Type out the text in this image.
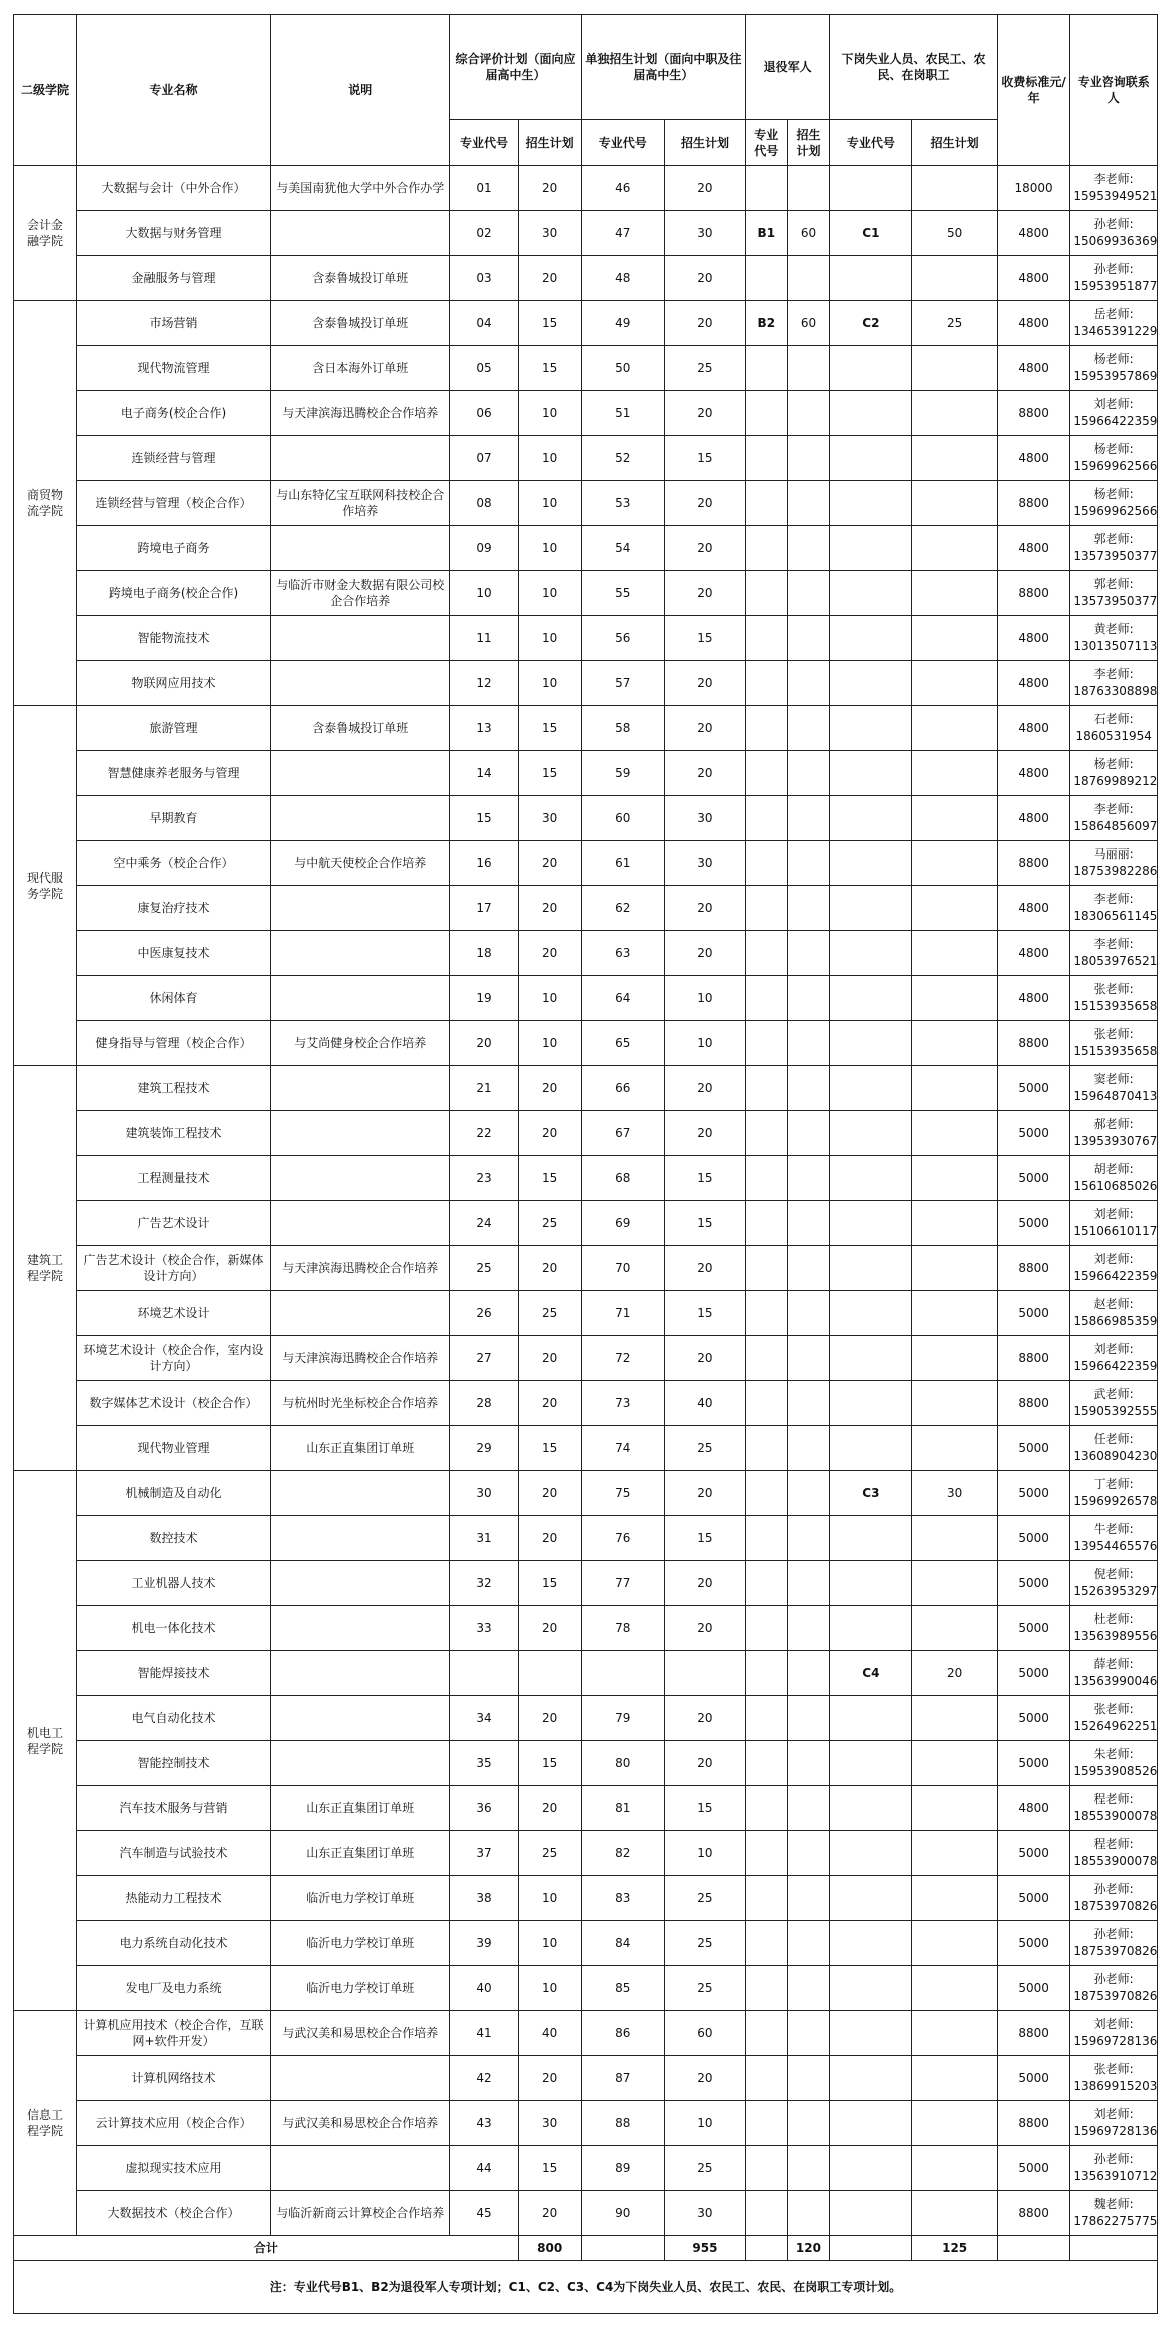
二级学院	专业名称	说明	综合评价计划（面向应届高中生）		单独招生计划（面向中职及往届高中生）		退役军人		下岗失业人员、农民工、农民、在岗职工		收费标准元/年	专业咨询联系人
			专业代号	招生计划	专业代号	招生计划	专业代号	招生计划	专业代号	招生计划		
会计金融学院	大数据与会计（中外合作）	与美国南犹他大学中外合作办学	01	20	46	20					18000	李老师:
15953949521

	大数据与财务管理		02	30	47	30	B1	60	C1	50	4800	孙老师:
15069936369

	金融服务与管理	含泰鲁城投订单班	03	20	48	20					4800	孙老师:
15953951877

商贸物流学院	市场营销	含泰鲁城投订单班	04	15	49	20	B2	60	C2	25	4800	岳老师:
13465391229

	现代物流管理	含日本海外订单班	05	15	50	25					4800	杨老师:
15953957869

	电子商务(校企合作)	与天津滨海迅腾校企合作培养	06	10	51	20					8800	刘老师:
15966422359

	连锁经营与管理		07	10	52	15					4800	杨老师:
15969962566

	连锁经营与管理（校企合作）	与山东特亿宝互联网科技校企合作培养	08	10	53	20					8800	杨老师:
15969962566

	跨境电子商务		09	10	54	20					4800	郭老师:
13573950377

	跨境电子商务(校企合作)	与临沂市财金大数据有限公司校企合作培养	10	10	55	20					8800	郭老师:
13573950377

	智能物流技术		11	10	56	15					4800	黄老师:
13013507113

	物联网应用技术		12	10	57	20					4800	李老师:
18763308898

现代服务学院	旅游管理	含泰鲁城投订单班	13	15	58	20					4800	石老师:
1860531954

	智慧健康养老服务与管理		14	15	59	20					4800	杨老师:
18769989212

	早期教育		15	30	60	30					4800	李老师:
15864856097

	空中乘务（校企合作）	与中航天使校企合作培养	16	20	61	30					8800	马丽丽:
18753982286

	康复治疗技术		17	20	62	20					4800	李老师:
18306561145

	中医康复技术		18	20	63	20					4800	李老师:
18053976521

	休闲体育		19	10	64	10					4800	张老师:
15153935658

	健身指导与管理（校企合作）	与艾尚健身校企合作培养	20	10	65	10					8800	张老师:
15153935658

建筑工程学院	建筑工程技术		21	20	66	20					5000	窦老师:
15964870413

	建筑装饰工程技术		22	20	67	20					5000	郝老师:
13953930767

	工程测量技术		23	15	68	15					5000	胡老师:
15610685026

	广告艺术设计		24	25	69	15					5000	刘老师:
15106610117

	广告艺术设计（校企合作，新媒体设计方向）	与天津滨海迅腾校企合作培养	25	20	70	20					8800	刘老师:
15966422359

	环境艺术设计		26	25	71	15					5000	赵老师:
15866985359

	环境艺术设计（校企合作，室内设计方向）	与天津滨海迅腾校企合作培养	27	20	72	20					8800	刘老师:
15966422359

	数字媒体艺术设计（校企合作）	与杭州时光坐标校企合作培养	28	20	73	40					8800	武老师:
15905392555

	现代物业管理	山东正直集团订单班	29	15	74	25					5000	任老师:
13608904230

机电工程学院	机械制造及自动化		30	20	75	20			C3	30	5000	丁老师:
15969926578

	数控技术		31	20	76	15					5000	牛老师:
13954465576

	工业机器人技术		32	15	77	20					5000	倪老师:
15263953297

	机电一体化技术		33	20	78	20					5000	杜老师:
13563989556

	智能焊接技术								C4	20	5000	薛老师:
13563990046

	电气自动化技术		34	20	79	20					5000	张老师:
15264962251

	智能控制技术		35	15	80	20					5000	朱老师:
15953908526

	汽车技术服务与营销	山东正直集团订单班	36	20	81	15					4800	程老师:
18553900078

	汽车制造与试验技术	山东正直集团订单班	37	25	82	10					5000	程老师:
18553900078

	热能动力工程技术	临沂电力学校订单班	38	10	83	25					5000	孙老师:
18753970826

	电力系统自动化技术	临沂电力学校订单班	39	10	84	25					5000	孙老师:
18753970826

	发电厂及电力系统	临沂电力学校订单班	40	10	85	25					5000	孙老师:
18753970826

信息工程学院	计算机应用技术（校企合作，互联网+软件开发）	与武汉美和易思校企合作培养	41	40	86	60					8800	刘老师:
15969728136

	计算机网络技术		42	20	87	20					5000	张老师:
13869915203

	云计算技术应用（校企合作）	与武汉美和易思校企合作培养	43	30	88	10					8800	刘老师:
15969728136

	虚拟现实技术应用		44	15	89	25					5000	孙老师:
13563910712

	大数据技术（校企合作）	与临沂新商云计算校企合作培养	45	20	90	30					8800	魏老师:
17862275775

合计				800		955		120		125		
注：专业代号B1、B2为退役军人专项计划；C1、C2、C3、C4为下岗失业人员、农民工、农民、在岗职工专项计划。												
